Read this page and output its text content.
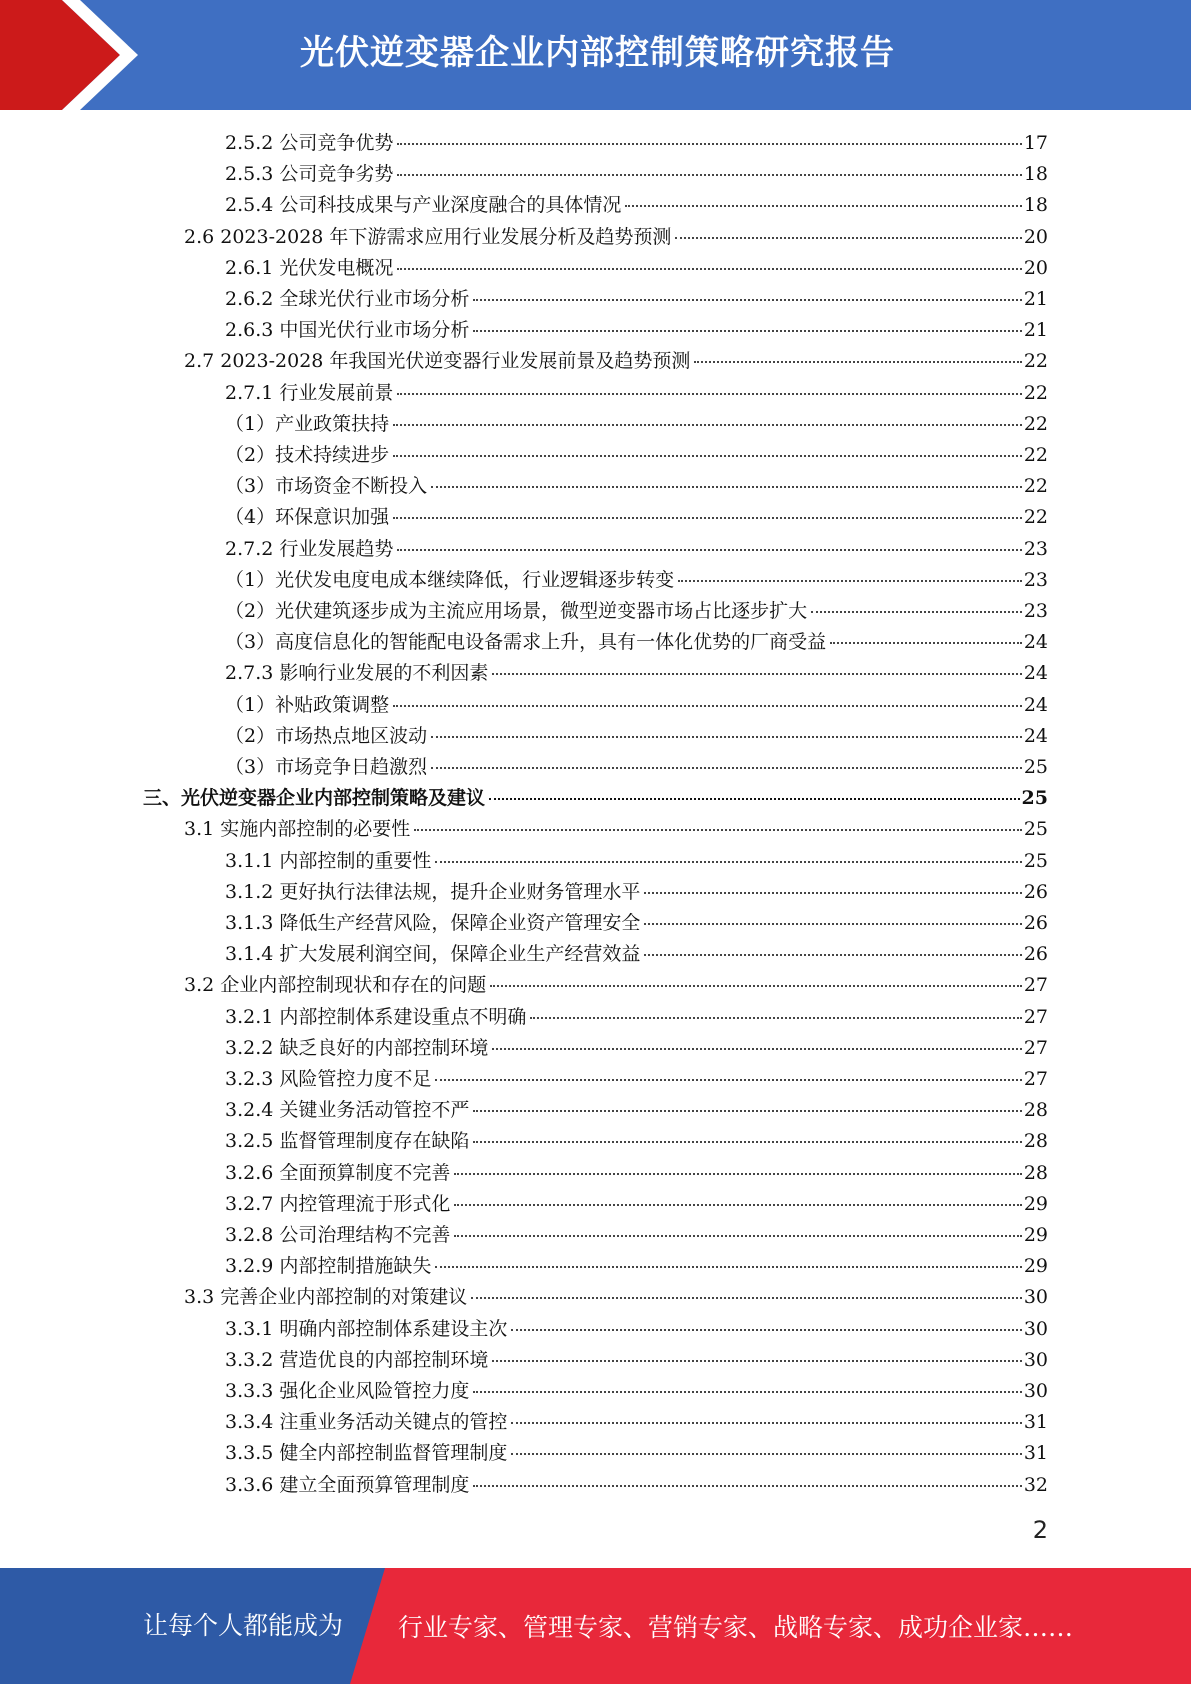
光伏逆变器企业内部控制策略研究报告
2.5.2 公司竞争优势	17
2.5.3 公司竞争劣势	18
2.5.4 公司科技成果与产业深度融合的具体情况	18
2.6 2023-2028 年下游需求应用行业发展分析及趋势预测	20
2.6.1 光伏发电概况	20
2.6.2 全球光伏行业市场分析	21
2.6.3 中国光伏行业市场分析	21
2.7 2023-2028 年我国光伏逆变器行业发展前景及趋势预测	22
2.7.1 行业发展前景	22
（1）产业政策扶持	22
（2）技术持续进步	22
（3）市场资金不断投入	22
（4）环保意识加强	22
2.7.2 行业发展趋势	23
（1）光伏发电度电成本继续降低，行业逻辑逐步转变	23
（2）光伏建筑逐步成为主流应用场景，微型逆变器市场占比逐步扩大	23
（3）高度信息化的智能配电设备需求上升，具有一体化优势的厂商受益	24
2.7.3 影响行业发展的不利因素	24
（1）补贴政策调整	24
（2）市场热点地区波动	24
（3）市场竞争日趋激烈	25
三、光伏逆变器企业内部控制策略及建议	25
3.1 实施内部控制的必要性	25
3.1.1 内部控制的重要性	25
3.1.2 更好执行法律法规，提升企业财务管理水平	26
3.1.3 降低生产经营风险，保障企业资产管理安全	26
3.1.4 扩大发展利润空间，保障企业生产经营效益	26
3.2 企业内部控制现状和存在的问题	27
3.2.1 内部控制体系建设重点不明确	27
3.2.2 缺乏良好的内部控制环境	27
3.2.3 风险管控力度不足	27
3.2.4 关键业务活动管控不严	28
3.2.5 监督管理制度存在缺陷	28
3.2.6 全面预算制度不完善	28
3.2.7 内控管理流于形式化	29
3.2.8 公司治理结构不完善	29
3.2.9 内部控制措施缺失	29
3.3 完善企业内部控制的对策建议	30
3.3.1 明确内部控制体系建设主次	30
3.3.2 营造优良的内部控制环境	30
3.3.3 强化企业风险管控力度	30
3.3.4 注重业务活动关键点的管控	31
3.3.5 健全内部控制监督管理制度	31
3.3.6 建立全面预算管理制度	32
2
让每个人都能成为 行业专家、管理专家、营销专家、战略专家、成功企业家……
